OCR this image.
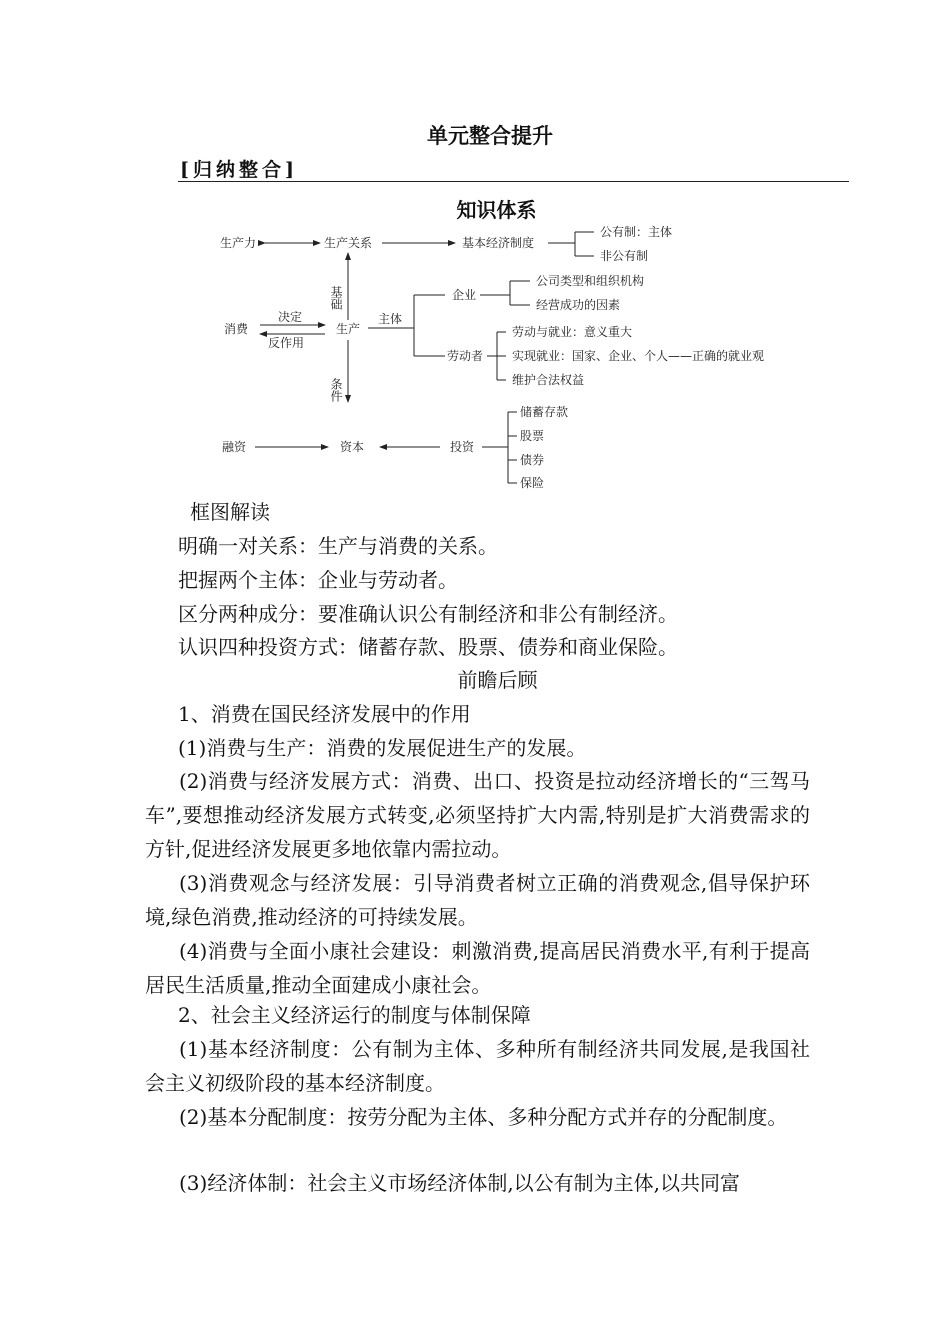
单元整合提升
[归纳整合]
知识体系
生产力	生产关系	基本经济制度
公有制：主体
非公有制
基础	企业
公司类型和组织机构
经营成功的因素
消费
决定
反作用
生产
主体
劳动者
劳动与就业：意义重大
实现就业：国家、企业、个人——正确的就业观
维护合法权益
条件
储蓄存款
股票
融资	资本	投资
债券
保险
框图解读
明确一对关系：生产与消费的关系。
把握两个主体：企业与劳动者。
区分两种成分：要准确认识公有制经济和非公有制经济。
认识四种投资方式：储蓄存款、股票、债券和商业保险。
前瞻后顾
1、消费在国民经济发展中的作用
(1)消费与生产：消费的发展促进生产的发展。
(2)消费与经济发展方式：消费、出口、投资是拉动经济增长的“三驾马车”,要想推动经济发展方式转变,必须坚持扩大内需,特别是扩大消费需求的方针,促进经济发展更多地依靠内需拉动。
(3)消费观念与经济发展：引导消费者树立正确的消费观念,倡导保护环境,绿色消费,推动经济的可持续发展。
(4)消费与全面小康社会建设：刺激消费,提高居民消费水平,有利于提高居民生活质量,推动全面建成小康社会。
2、社会主义经济运行的制度与体制保障
(1)基本经济制度：公有制为主体、多种所有制经济共同发展,是我国社会主义初级阶段的基本经济制度。
(2)基本分配制度：按劳分配为主体、多种分配方式并存的分配制度。
(3)经济体制：社会主义市场经济体制,以公有制为主体,以共同富
